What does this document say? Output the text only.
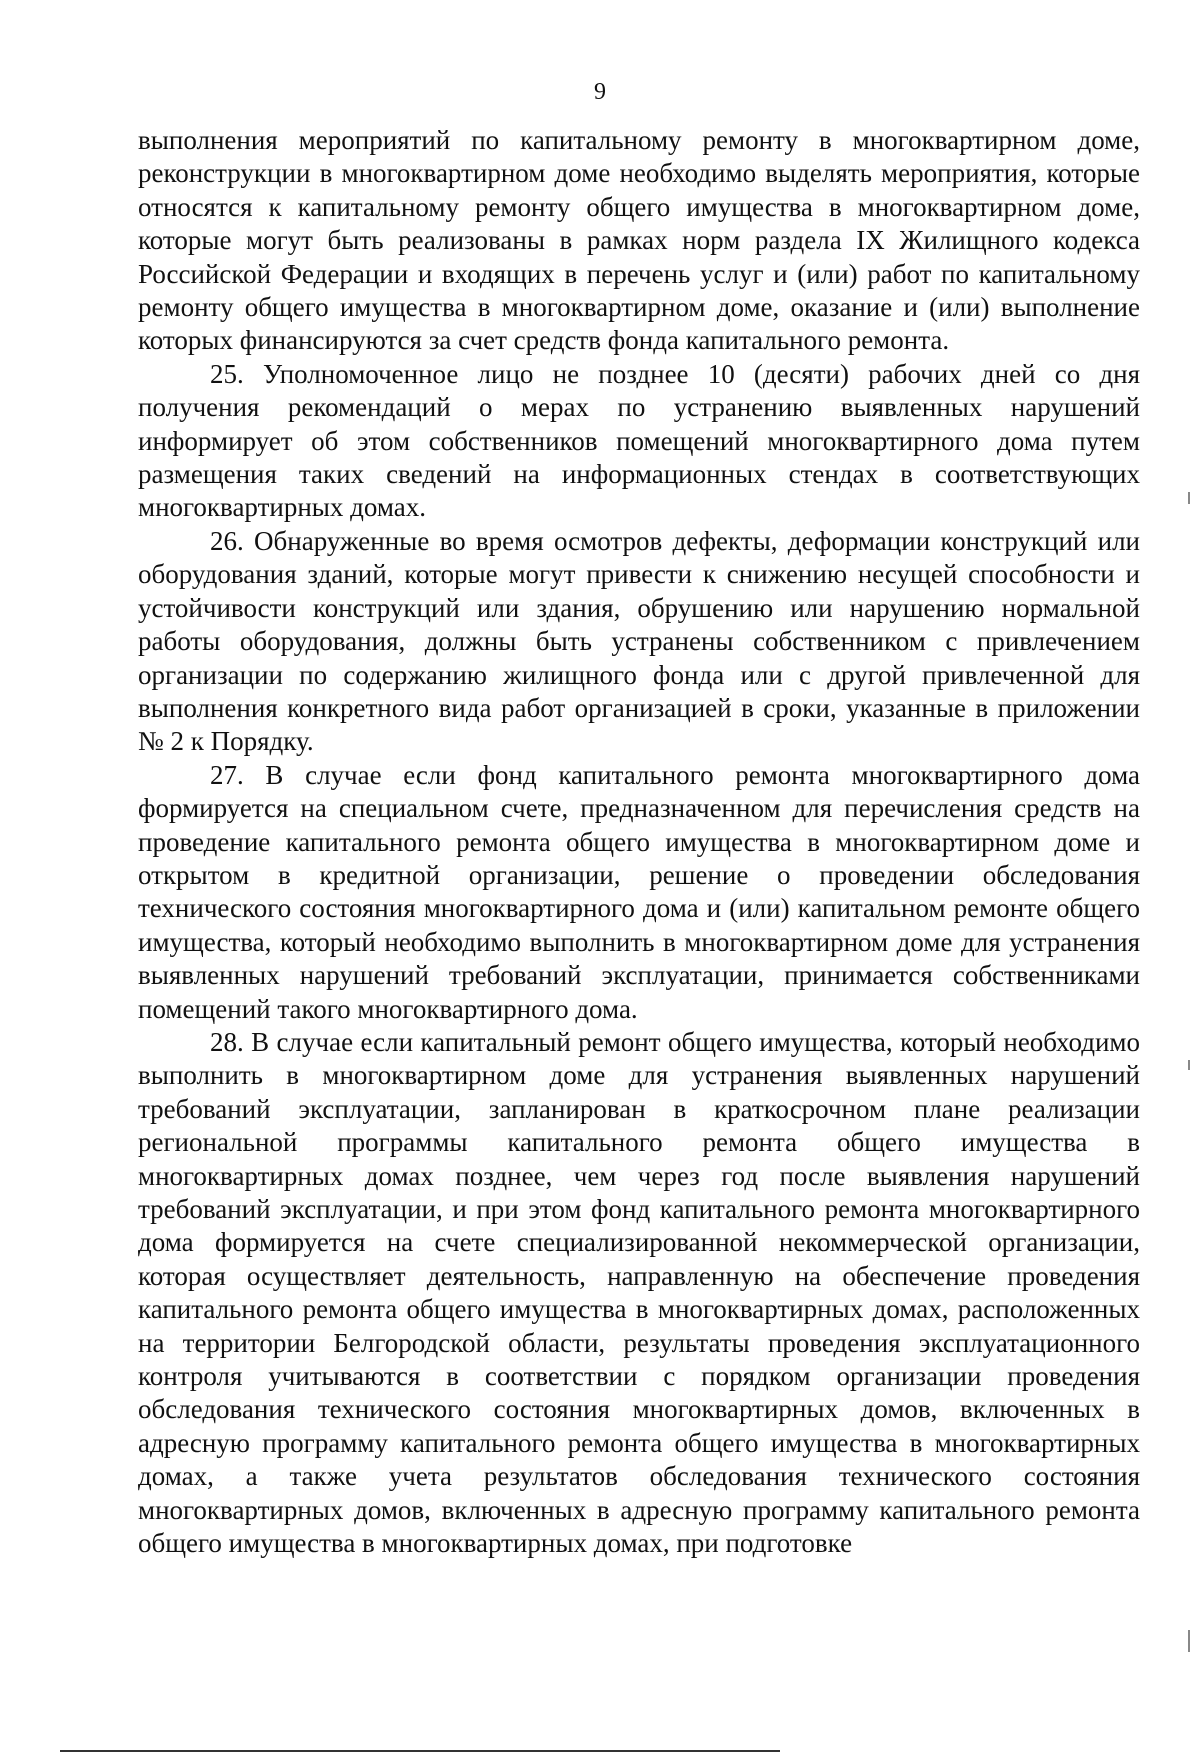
9

выполнения мероприятий по капитальному ремонту в многоквартирном доме, реконструкции в многоквартирном доме необходимо выделять мероприятия, которые относятся к капитальному ремонту общего имущества в многоквартирном доме, которые могут быть реализованы в рамках норм раздела IX Жилищного кодекса Российской Федерации и входящих в перечень услуг и (или) работ по капитальному ремонту общего имущества в многоквартирном доме, оказание и (или) выполнение которых финансируются за счет средств фонда капитального ремонта.

25. Уполномоченное лицо не позднее 10 (десяти) рабочих дней со дня получения рекомендаций о мерах по устранению выявленных нарушений информирует об этом собственников помещений многоквартирного дома путем размещения таких сведений на информационных стендах в соответствующих многоквартирных домах.

26. Обнаруженные во время осмотров дефекты, деформации конструкций или оборудования зданий, которые могут привести к снижению несущей способности и устойчивости конструкций или здания, обрушению или нарушению нормальной работы оборудования, должны быть устранены собственником с привлечением организации по содержанию жилищного фонда или с другой привлеченной для выполнения конкретного вида работ организацией в сроки, указанные в приложении № 2 к Порядку.

27. В случае если фонд капитального ремонта многоквартирного дома формируется на специальном счете, предназначенном для перечисления средств на проведение капитального ремонта общего имущества в многоквартирном доме и открытом в кредитной организации, решение о проведении обследования технического состояния многоквартирного дома и (или) капитальном ремонте общего имущества, который необходимо выполнить в многоквартирном доме для устранения выявленных нарушений требований эксплуатации, принимается собственниками помещений такого многоквартирного дома.

28. В случае если капитальный ремонт общего имущества, который необходимо выполнить в многоквартирном доме для устранения выявленных нарушений требований эксплуатации, запланирован в краткосрочном плане реализации региональной программы капитального ремонта общего имущества в многоквартирных домах позднее, чем через год после выявления нарушений требований эксплуатации, и при этом фонд капитального ремонта многоквартирного дома формируется на счете специализированной некоммерческой организации, которая осуществляет деятельность, направленную на обеспечение проведения капитального ремонта общего имущества в многоквартирных домах, расположенных на территории Белгородской области, результаты проведения эксплуатационного контроля учитываются в соответствии с порядком организации проведения обследования технического состояния многоквартирных домов, включенных в адресную программу капитального ремонта общего имущества в многоквартирных домах, а также учета результатов обследования технического состояния многоквартирных домов, включенных в адресную программу капитального ремонта общего имущества в многоквартирных домах, при подготовке
